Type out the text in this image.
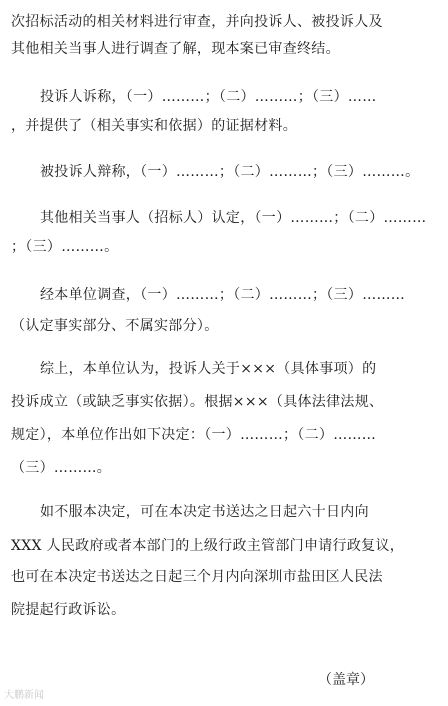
次招标活动的相关材料进行审查，并向投诉人、被投诉人及
其他相关当事人进行调查了解，现本案已审查终结。
投诉人诉称，（一）………；（二）………；（三）……
，并提供了（相关事实和依据）的证据材料。
被投诉人辩称，（一）………；（二）………；（三）………。
其他相关当事人（招标人）认定，（一）………；（二）………
；（三）………。
经本单位调查，（一）………；（二）………；（三）………
（认定事实部分、不属实部分）。
综上，本单位认为，投诉人关于×××（具体事项）的
投诉成立（或缺乏事实依据）。根据×××（具体法律法规、
规定），本单位作出如下决定：（一）………；（二）………
（三）………。
如不服本决定，可在本决定书送达之日起六十日内向
XXX 人民政府或者本部门的上级行政主管部门申请行政复议，
也可在本决定书送达之日起三个月内向深圳市盐田区人民法
院提起行政诉讼。
（盖章）
大鹏新闻
